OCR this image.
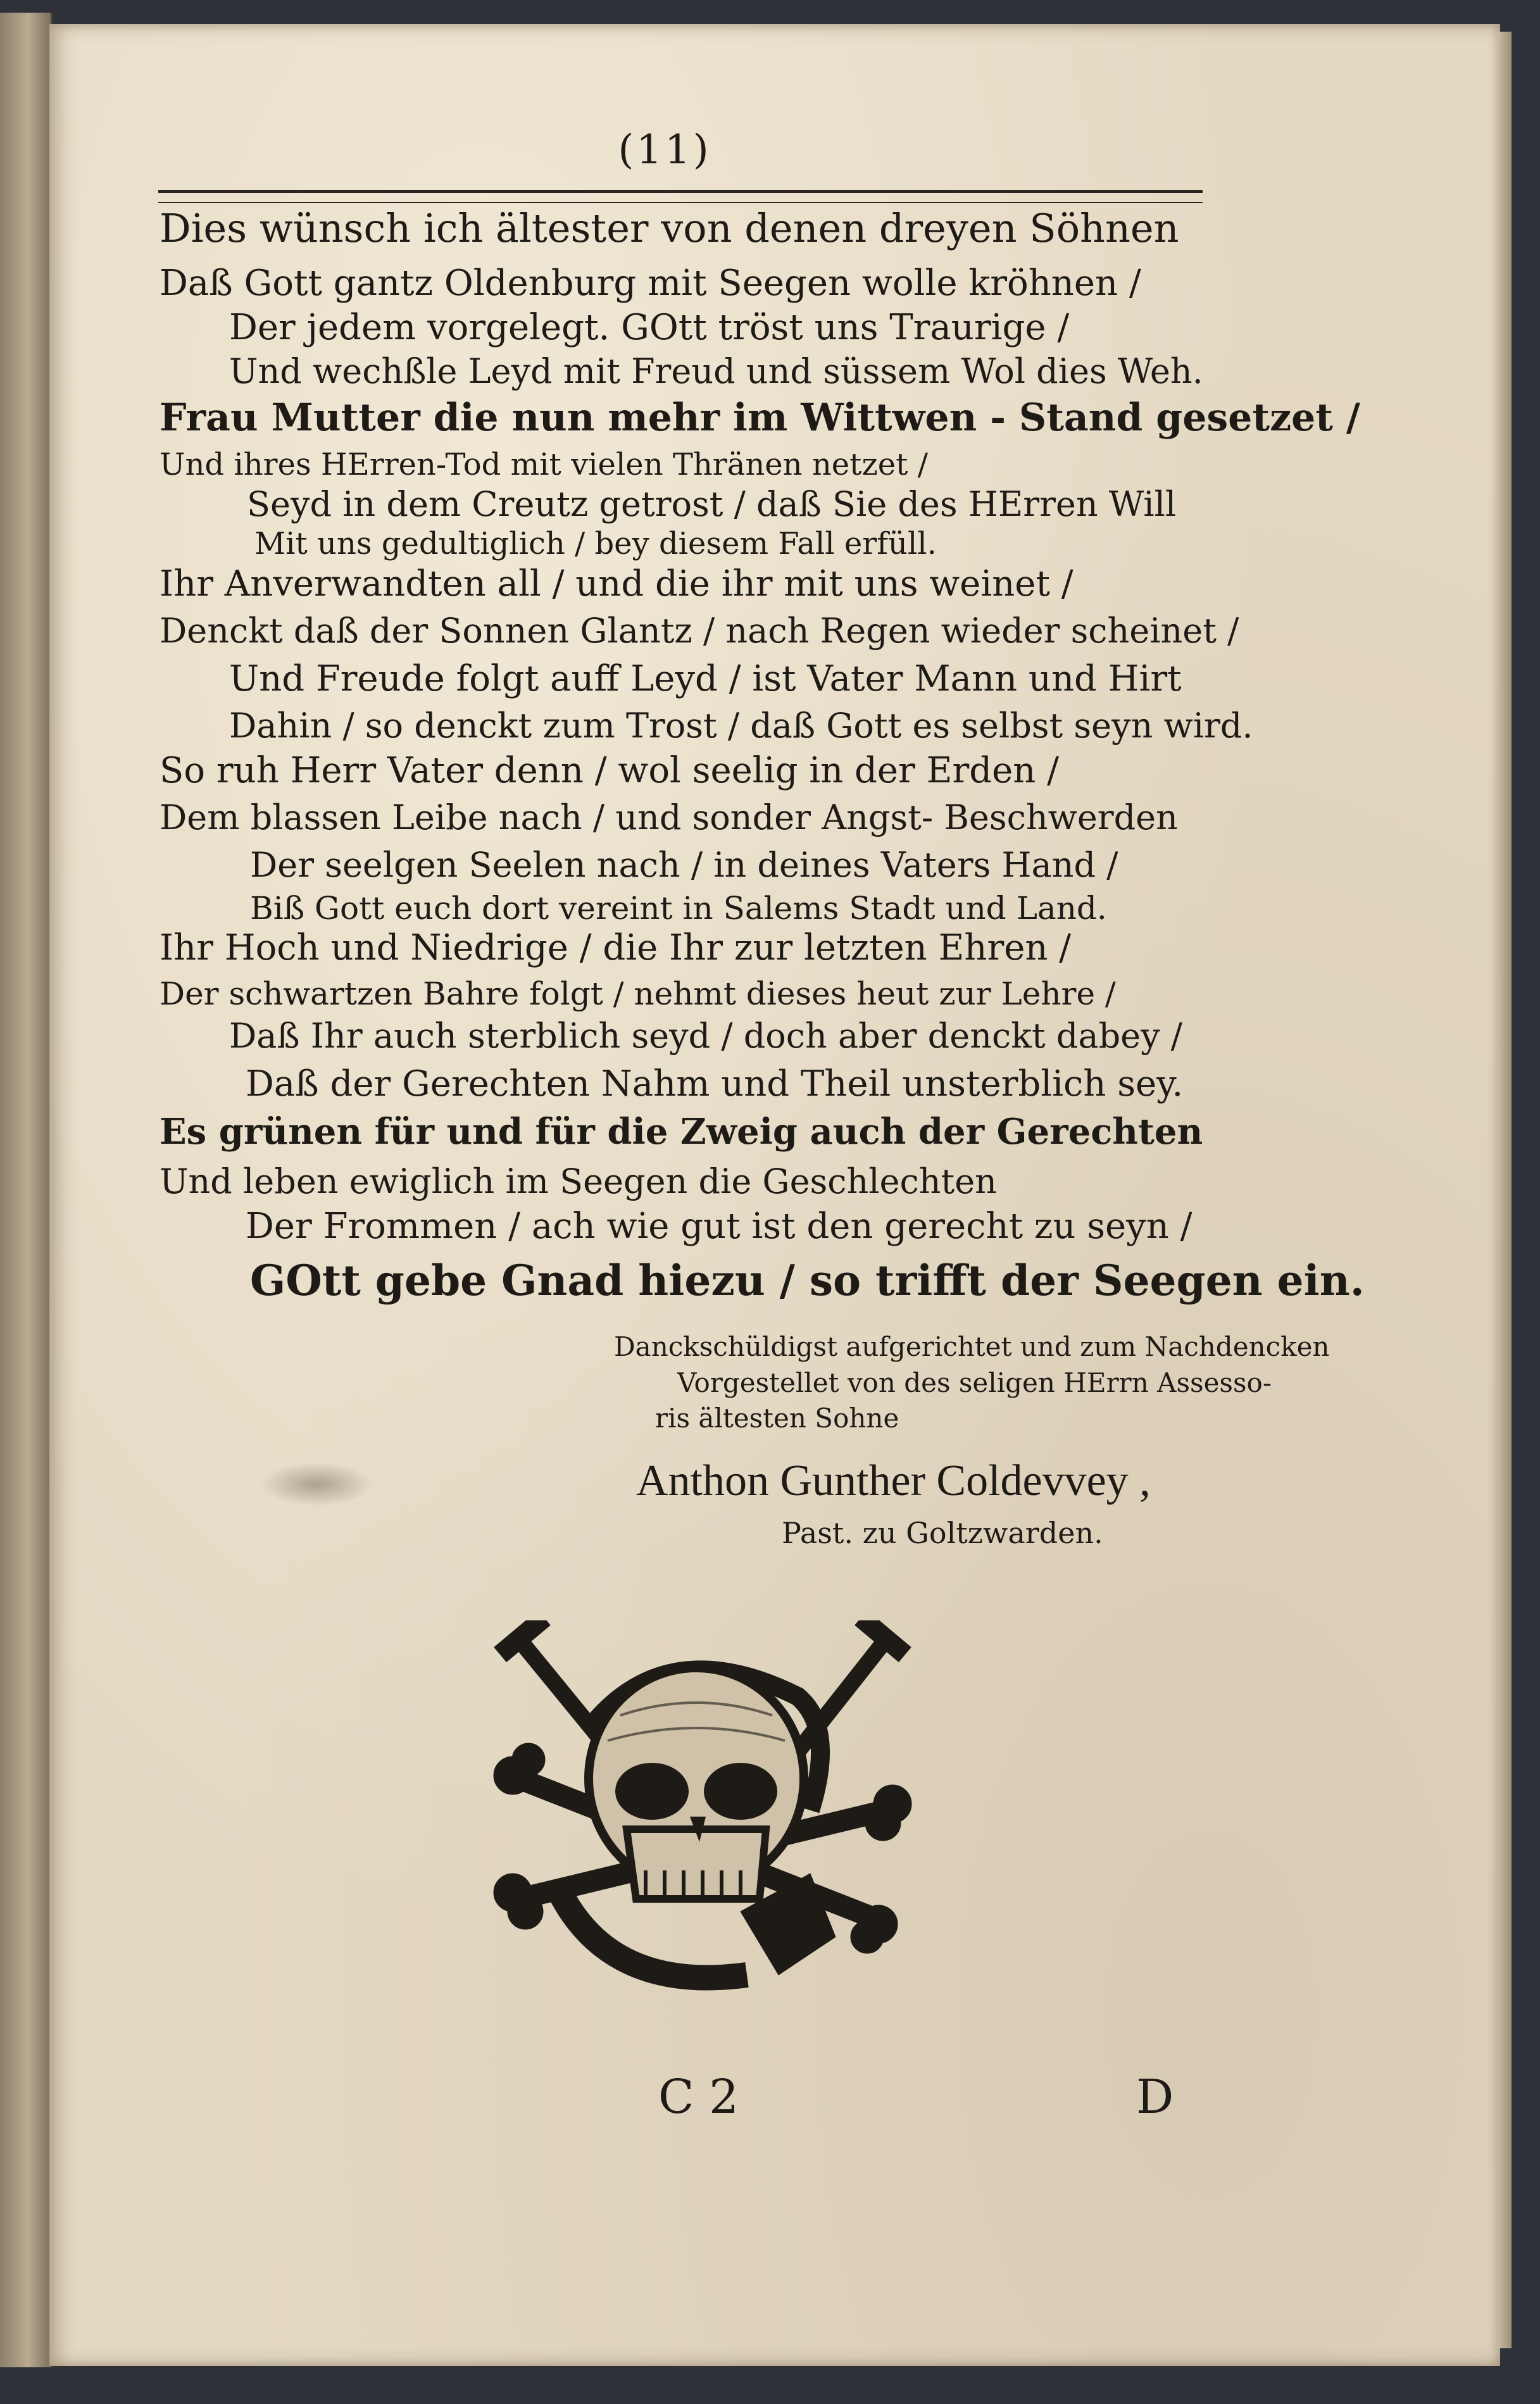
(11)
Dies wünsch ich ältester von denen dreyen Söhnen
Daß Gott gantz Oldenburg mit Seegen wolle kröhnen /
Der jedem vorgelegt. GOtt tröst uns Traurige /
Und wechßle Leyd mit Freud und süssem Wol dies Weh.
Frau Mutter die nun mehr im Wittwen - Stand gesetzet /
Und ihres HErren-Tod mit vielen Thränen netzet /
Seyd in dem Creutz getrost / daß Sie des HErren Will
Mit uns gedultiglich / bey diesem Fall erfüll.
Ihr Anverwandten all / und die ihr mit uns weinet /
Denckt daß der Sonnen Glantz / nach Regen wieder scheinet /
Und Freude folgt auff Leyd / ist Vater Mann und Hirt
Dahin / so denckt zum Trost / daß Gott es selbst seyn wird.
So ruh Herr Vater denn / wol seelig in der Erden /
Dem blassen Leibe nach / und sonder Angst- Beschwerden
Der seelgen Seelen nach / in deines Vaters Hand /
Biß Gott euch dort vereint in Salems Stadt und Land.
Ihr Hoch und Niedrige / die Ihr zur letzten Ehren /
Der schwartzen Bahre folgt / nehmt dieses heut zur Lehre /
Daß Ihr auch sterblich seyd / doch aber denckt dabey /
Daß der Gerechten Nahm und Theil unsterblich sey.
Es grünen für und für die Zweig auch der Gerechten
Und leben ewiglich im Seegen die Geschlechten
Der Frommen / ach wie gut ist den gerecht zu seyn /
GOtt gebe Gnad hiezu / so trifft der Seegen ein.
Danckschüldigst aufgerichtet und zum Nachdencken
Vorgestellet von des seligen HErrn Assesso-
ris ältesten Sohne
Anthon Gunther Coldevvey ,
Past. zu Goltzwarden.
C 2	D
